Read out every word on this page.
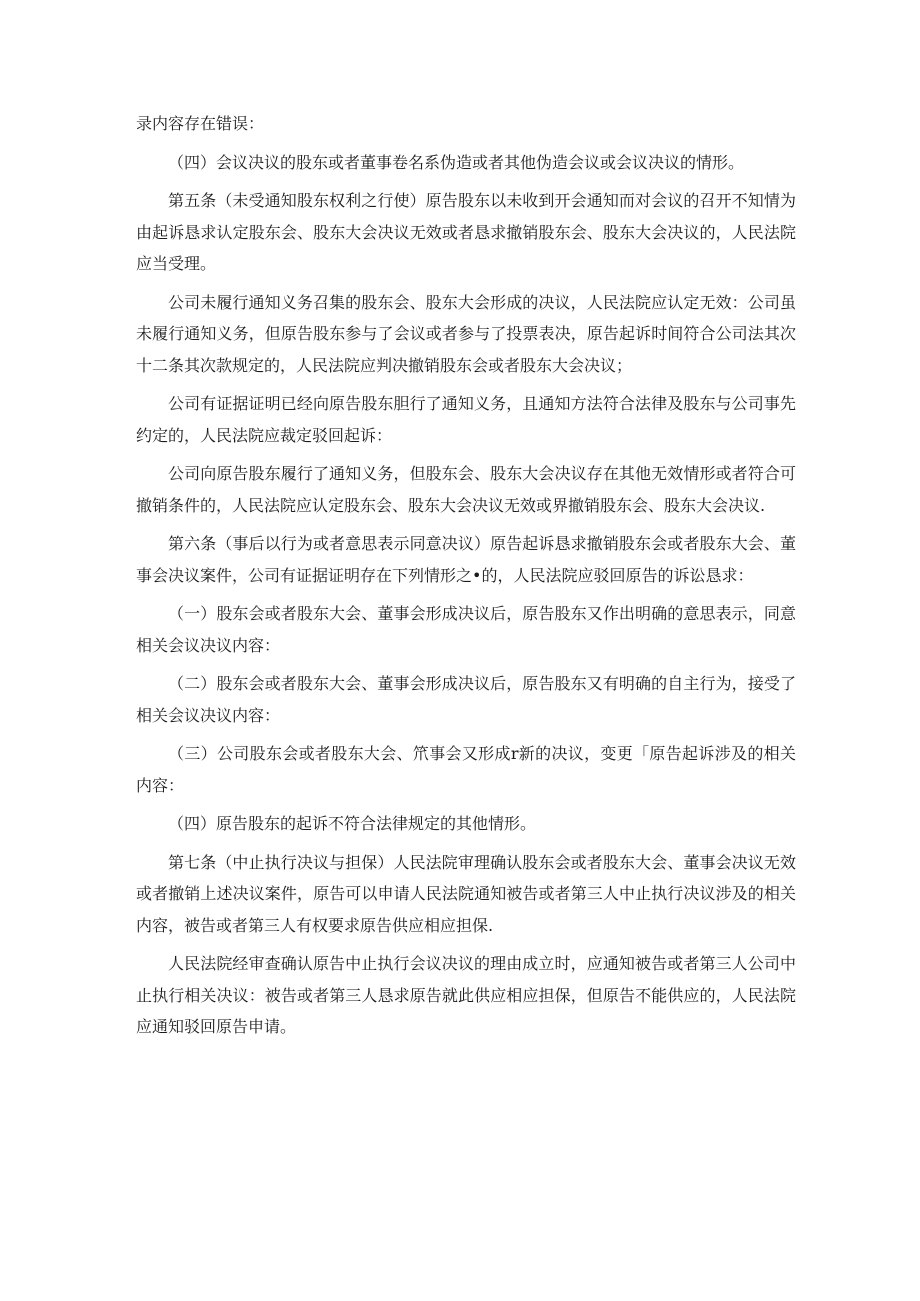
录内容存在错误：

（四）会议决议的股东或者董事卷名系伪造或者其他伪造会议或会议决议的情形。

第五条（未受通知股东权利之行使）原告股东以未收到开会通知而对会议的召开不知情为由起诉恳求认定股东会、股东大会决议无效或者恳求撤销股东会、股东大会决议的，人民法院应当受理。

公司未履行通知义务召集的股东会、股东大会形成的决议，人民法院应认定无效：公司虽未履行通知义务，但原告股东参与了会议或者参与了投票表决，原告起诉时间符合公司法其次十二条其次款规定的，人民法院应判决撤销股东会或者股东大会决议；

公司有证据证明已经向原告股东胆行了通知义务，且通知方法符合法律及股东与公司事先约定的，人民法院应裁定驳回起诉：

公司向原告股东履行了通知义务，但股东会、股东大会决议存在其他无效情形或者符合可撤销条件的，人民法院应认定股东会、股东大会决议无效或界撤销股东会、股东大会决议.

第六条（事后以行为或者意思表示同意决议）原告起诉恳求撤销股东会或者股东大会、董事会决议案件，公司有证据证明存在下列情形之•的，人民法院应驳回原告的诉讼恳求：

（一）股东会或者股东大会、董事会形成决议后，原告股东又作出明确的意思表示，同意相关会议决议内容：

（二）股东会或者股东大会、董事会形成决议后，原告股东又有明确的自主行为，接受了相关会议决议内容：

（三）公司股东会或者股东大会、笊事会又形成r新的决议，变更「原告起诉涉及的相关内容：

（四）原告股东的起诉不符合法律规定的其他情形。

第七条（中止执行决议与担保）人民法院审理确认股东会或者股东大会、董事会决议无效或者撤销上述决议案件，原告可以申请人民法院通知被告或者第三人中止执行决议涉及的相关内容，被告或者第三人有权要求原告供应相应担保.

人民法院经审查确认原告中止执行会议决议的理由成立时，应通知被告或者第三人公司中止执行相关决议：被告或者第三人恳求原告就此供应相应担保，但原告不能供应的，人民法院应通知驳回原告申请。
